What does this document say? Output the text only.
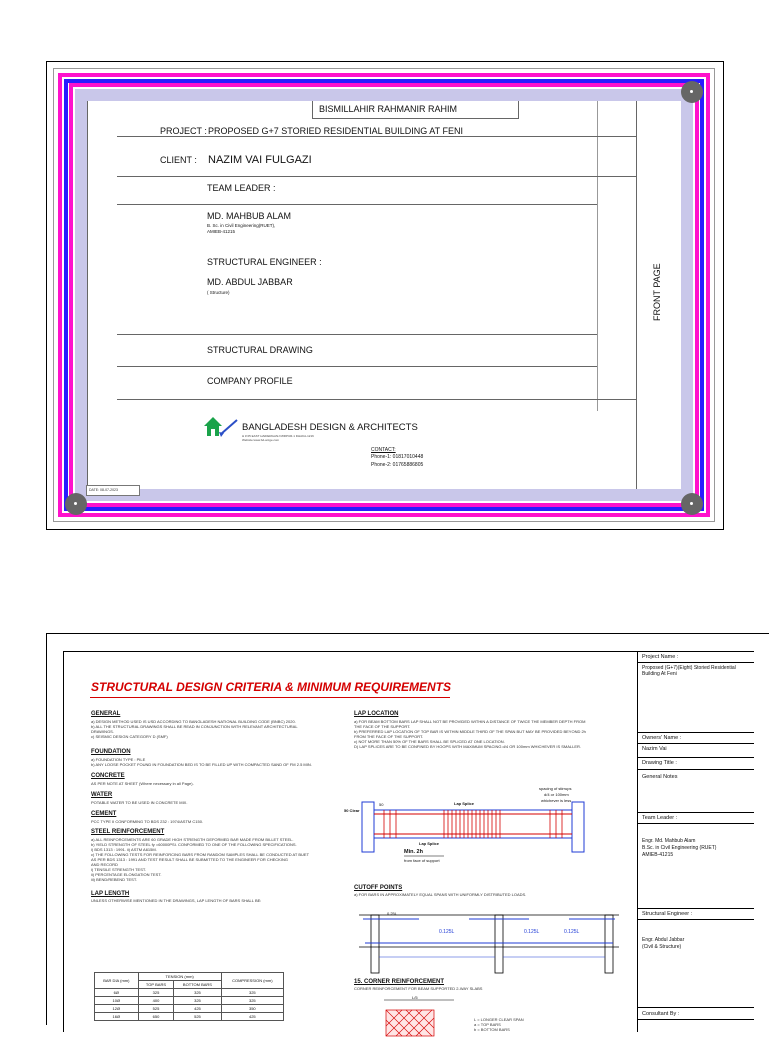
BISMILLAHIR RAHMANIR RAHIM
PROJECT : PROPOSED G+7 STORIED RESIDENTIAL BUILDING AT FENI
CLIENT : NAZIM VAI FULGAZI
TEAM LEADER :
MD. MAHBUB ALAM
B. Sc. in Civil Engineering(RUET),
AMIEB-41215
STRUCTURAL ENGINEER :
MD. ABDUL JABBAR
( Structure)
STRUCTURAL DRAWING
COMPANY PROFILE
BANGLADESH DESIGN & ARCHITECTS
H # 05 EAST HAIDERGANJ MIRPUR-1 DHAKA-1216
Website:www.bd-arcge.com
CONTACT:
Phone-1: 01817010448
Phone-2: 01765886805
FRONT PAGE
DATE: 08-07-2023
STRUCTURAL DESIGN CRITERIA & MINIMUM REQUIREMENTS
GENERAL
a) DESIGN METHOD USED IS USD ACCORDING TO BANGLADESH NATIONAL BUILDING CODE (BNBC) 2020.
b) ALL THE STRUCTURAL DRAWINGS SHALL BE READ IN CONJUNCTION WITH RELEVANT ARCHITECTURAL
DRAWINGS.
c) SEISMIC DESIGN CATEGORY D (SMF)
FOUNDATION
a) FOUNDATION TYPE : PILE
b) ANY LOOSE POCKET FOUND IN FOUNDATION BED IS TO BE FILLED UP WITH COMPACTED SAND OF FM 2.5 MIN.
CONCRETE
AS PER NOTE AT SHEET (Where necessary in all Page).
WATER
POTABLE WATER TO BE USED IN CONCRETE MIX.
CEMENT
PCC TYPE II CONFORMING TO BDS 232 : 1974/ASTM C150.
STEEL REINFORCEMENT
a) ALL REINFORCEMENTS ARE 60 GRADE HIGH STRENGTH DEFORMED BAR MADE FROM BILLET STEEL.
b) YIELD STRENGTH OF STEEL fy =60000PSI. CONFORMED TO ONE OF THE FOLLOWING SPECIFICATIONS.
i) BDS 1313 : 1991. ii) ASTM A615M.
c) THE FOLLOWING TESTS FOR REINFORCING BARS FROM RANDOM SAMPLES SHALL BE CONDUCTED AT BUET
AS PER BDS 1313 : 1991 AND TEST RESULT SHALL BE SUBMITTED TO THE ENGINEER FOR CHECKING
AND RECORD
i) TENSILE STRENGTH TEST.
ii) PERCENTAGE ELONGATION TEST.
iii) BEND/REBEND TEST.
LAP LENGTH
UNLESS OTHERWISE MENTIONED IN THE DRAWINGS, LAP LENGTH OF BARS SHALL BE:
BAR DIA (mm)	TENSION (mm)		COMPRESSION (mm)
	TOP BARS	BOTTOM BARS	
6Ø	325	325	325
10Ø	400	325	325
12Ø	525	425	350
16Ø	650	525	425
LAP LOCATION
a) FOR BEAM BOTTOM BARS LAP SHALL NOT BE PROVIDED WITHIN A DISTANCE OF TWICE THE MEMBER DEPTH FROM
THE FACE OF THE SUPPORT.
b) PREFERRED LAP LOCATION OF TOP BAR IS WITHIN MIDDLE THIRD OF THE SPAN BUT MAY BE PROVIDED BEYOND 2h
FROM THE FACE OF THE SUPPORT.
c) NOT MORE THAN 50% OF THE BARS SHALL BE SPLICED AT ONE LOCATION.
D) LAP SPLICES ARE TO BE CONFINED BY HOOPS WITH MAXIMUM SPACING d/4 OR 100mm WHICHEVER IS SMALLER.
50 Clear
50	Lap Splice
Lap Splice
spacing of stirrups
d/4 or 100mm
whichever is less
Min. 2h
from face of support
CUTOFF POINTS
a) FOR BARS IN APPROXIMATELY EQUAL SPANS WITH UNIFORMLY DISTRIBUTED LOADS.
0.25L
0.125L	0.125L	0.125L
15. CORNER REINFORCEMENT
CORNER REINFORCEMENT FOR BEAM SUPPORTED 2-WAY SLABS
L/5
L = LONGER CLEAR SPAN
a = TOP BARS
b = BOTTOM BARS
Project Name :
Proposed (G+7)(Eight) Storied Residential Building At Feni
Owners' Name :
Nazim Vai
Drawing Title :
General Notes
Team Leader :
Engr. Md. Mahbub Alam
B.Sc. in Civil Engineering (RUET)
AMIEB-41215
Structural Engineer :
Engr. Abdul Jabbar
(Civil & Structure)
Consultant By :
